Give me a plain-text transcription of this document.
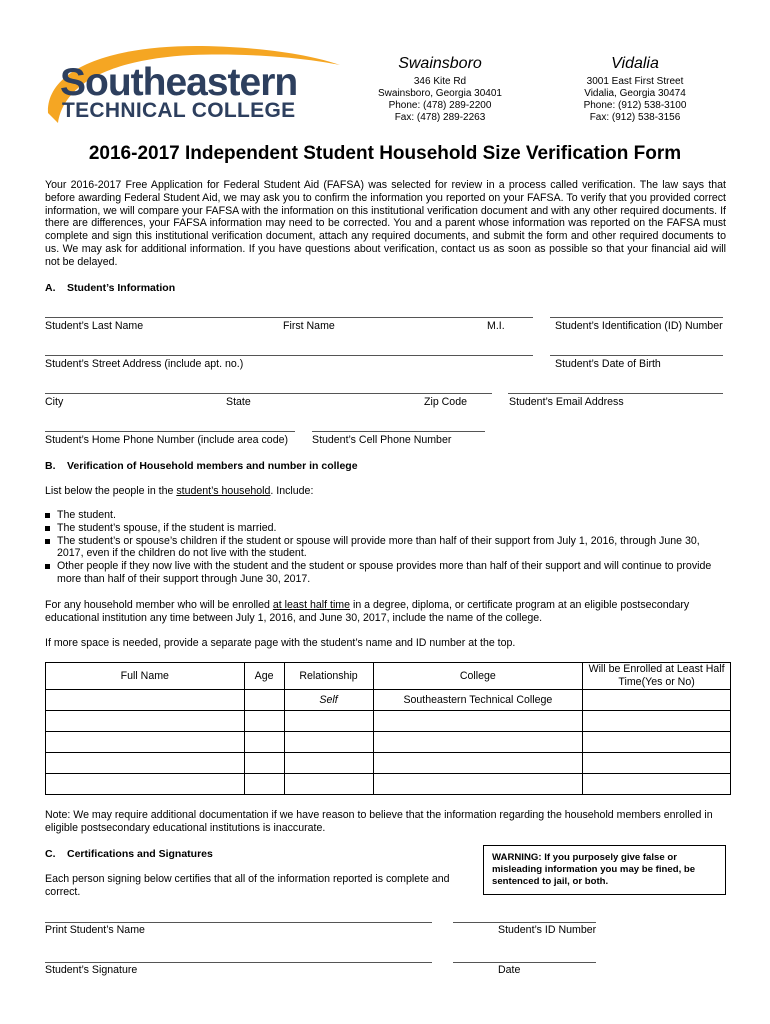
Southeastern
TECHNICAL COLLEGE
Swainsboro
346 Kite Rd
Swainsboro, Georgia 30401
Phone: (478) 289-2200
Fax: (478) 289-2263
Vidalia
3001 East First Street
Vidalia, Georgia 30474
Phone: (912) 538-3100
Fax: (912) 538-3156
2016-2017 Independent Student Household Size Verification Form
Your 2016-2017 Free Application for Federal Student Aid (FAFSA) was selected for review in a process called verification. The law says that before awarding Federal Student Aid, we may ask you to confirm the information you reported on your FAFSA. To verify that you provided correct information, we will compare your FAFSA with the information on this institutional verification document and with any other required documents. If there are differences, your FAFSA information may need to be corrected. You and a parent whose information was reported on the FAFSA must complete and sign this institutional verification document, attach any required documents, and submit the form and other required documents to us. We may ask for additional information. If you have questions about verification, contact us as soon as possible so that your financial aid will not be delayed.
A. Student’s Information
Student’s Last Name	First Name	M.I.	Student’s Identification (ID) Number
Student’s Street Address (include apt. no.)	Student’s Date of Birth
City	State	Zip Code	Student’s Email Address
Student’s Home Phone Number (include area code) Student’s Cell Phone Number
B. Verification of Household members and number in college
List below the people in the student’s household. Include:
The student.
The student’s spouse, if the student is married.
The student’s or spouse’s children if the student or spouse will provide more than half of their support from July 1, 2016, through June 30, 2017, even if the children do not live with the student.
Other people if they now live with the student and the student or spouse provides more than half of their support and will continue to provide more than half of their support through June 30, 2017.
For any household member who will be enrolled at least half time in a degree, diploma, or certificate program at an eligible postsecondary educational institution any time between July 1, 2016, and June 30, 2017, include the name of the college.
If more space is needed, provide a separate page with the student’s name and ID number at the top.
Full Name	Age	Relationship	College	Will be Enrolled at Least Half Time(Yes or No)
		Self	Southeastern Technical College	

Note: We may require additional documentation if we have reason to believe that the information regarding the household members enrolled in eligible postsecondary educational institutions is inaccurate.
C. Certifications and Signatures
Each person signing below certifies that all of the information reported is complete and correct.
WARNING: If you purposely give false or misleading information you may be fined, be sentenced to jail, or both.
Print Student’s Name	Student’s ID Number
Student’s Signature	Date
